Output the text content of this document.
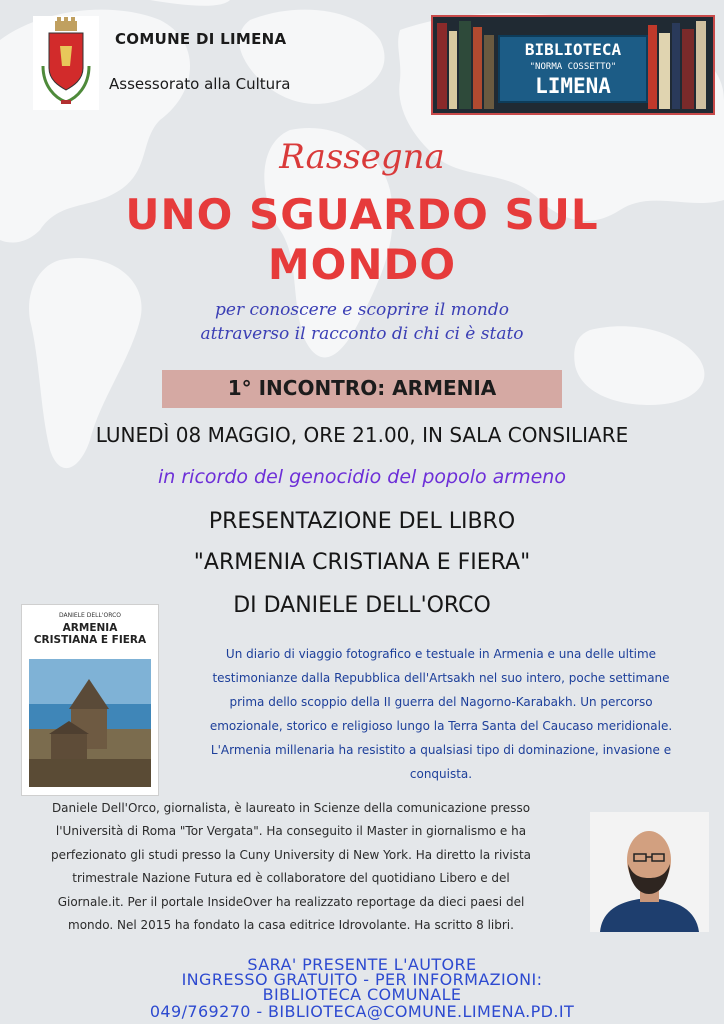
COMUNE DI LIMENA
Assessorato alla Cultura
BIBLIOTECA
"NORMA COSSETTO"
LIMENA
Rassegna
UNO SGUARDO SUL
MONDO
per conoscere e scoprire il mondo
attraverso il racconto di chi ci è stato
1° INCONTRO: ARMENIA
LUNEDÌ 08 MAGGIO, ORE 21.00, IN SALA CONSILIARE
in ricordo del genocidio del popolo armeno
PRESENTAZIONE DEL LIBRO
"ARMENIA CRISTIANA E FIERA"
DI DANIELE DELL'ORCO
DANIELE DELL'ORCO
ARMENIA
CRISTIANA E FIERA
Un diario di viaggio fotografico e testuale in Armenia e una delle ultime
testimonianze dalla Repubblica dell'Artsakh nel suo intero, poche settimane
prima dello scoppio della II guerra del Nagorno-Karabakh. Un percorso
emozionale, storico e religioso lungo la Terra Santa del Caucaso meridionale.
L'Armenia millenaria ha resistito a qualsiasi tipo di dominazione, invasione e
conquista.
Daniele Dell'Orco, giornalista, è laureato in Scienze della comunicazione presso
l'Università di Roma "Tor Vergata". Ha conseguito il Master in giornalismo e ha
perfezionato gli studi presso la Cuny University di New York. Ha diretto la rivista
trimestrale Nazione Futura ed è collaboratore del quotidiano Libero e del
Giornale.it. Per il portale InsideOver ha realizzato reportage da dieci paesi del
mondo. Nel 2015 ha fondato la casa editrice Idrovolante. Ha scritto 8 libri.
SARA' PRESENTE L'AUTORE
INGRESSO GRATUITO - PER INFORMAZIONI:
BIBLIOTECA COMUNALE
049/769270 - BIBLIOTECA@COMUNE.LIMENA.PD.IT
